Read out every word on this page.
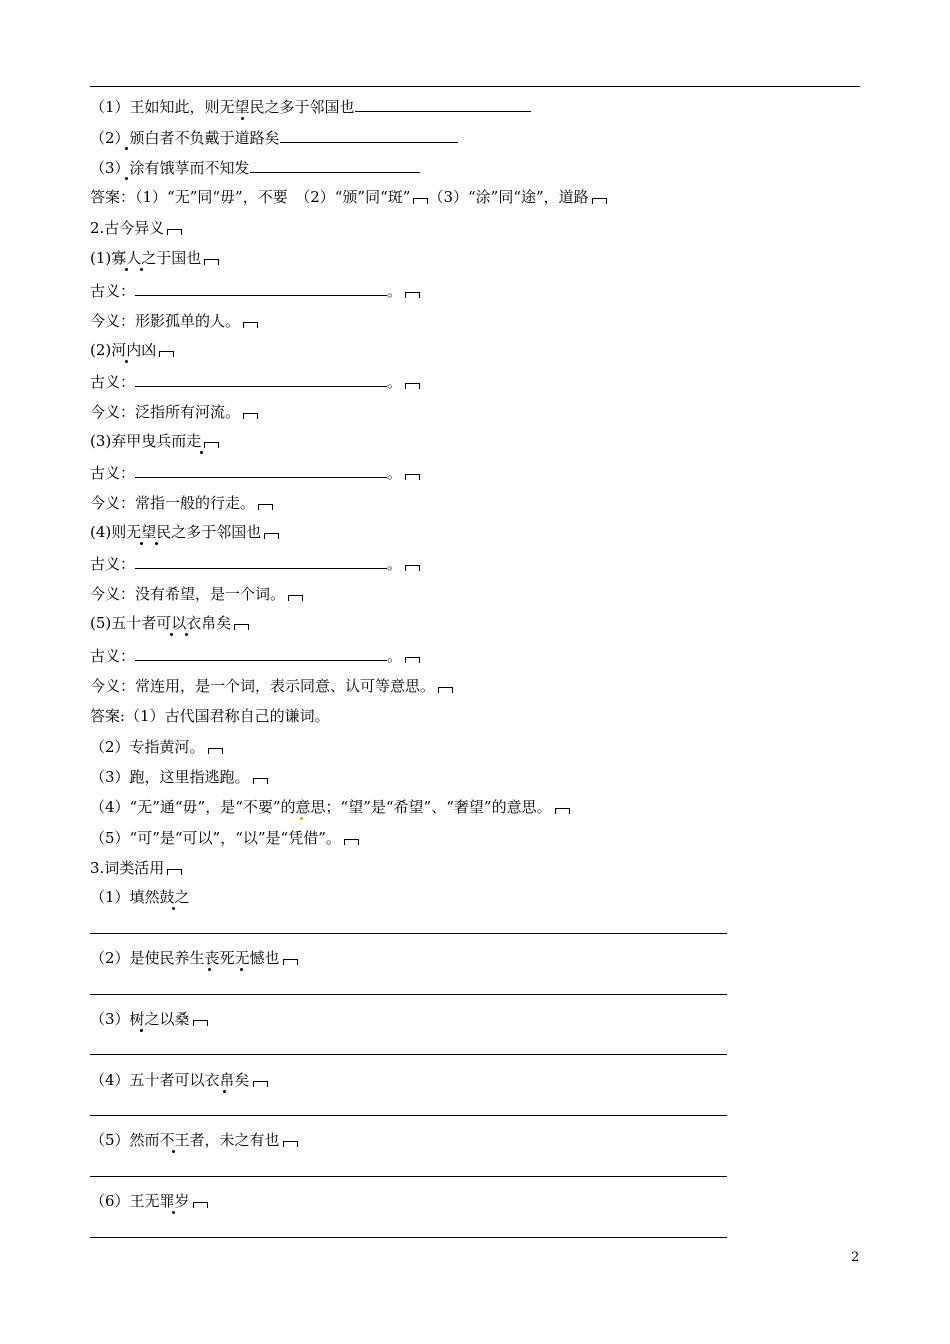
（1）王如知此，则无望民之多于邻国也
（2）颁白者不负戴于道路矣
（3）涂有饿莩而不知发
答案：（1）“无”同“毋”，不要　（2）“颁”同“斑” （3）“涂”同“途”，道路
2.古今异义
(1)寡人之于国也
古义：	。
今义：形影孤单的人。
(2)河内凶
古义：	。
今义：泛指所有河流。
(3)弃甲曳兵而走
古义：	。
今义：常指一般的行走。
(4)则无望民之多于邻国也
古义：	。
今义：没有希望，是一个词。
(5)五十者可以衣帛矣
古义：	。
今义：常连用，是一个词，表示同意、认可等意思。
答案:（1）古代国君称自己的谦词。
（2）专指黄河。
（3）跑，这里指逃跑。
（4）“无”通“毋”，是“不要”的意思；“望”是“希望”、“奢望”的意思。
（5）“可”是“可以”，“以”是“凭借”。
3.词类活用
（1）填然鼓之
（2）是使民养生丧死无憾也
（3）树之以桑
（4）五十者可以衣帛矣
（5）然而不王者，未之有也
（6）王无罪岁
2
